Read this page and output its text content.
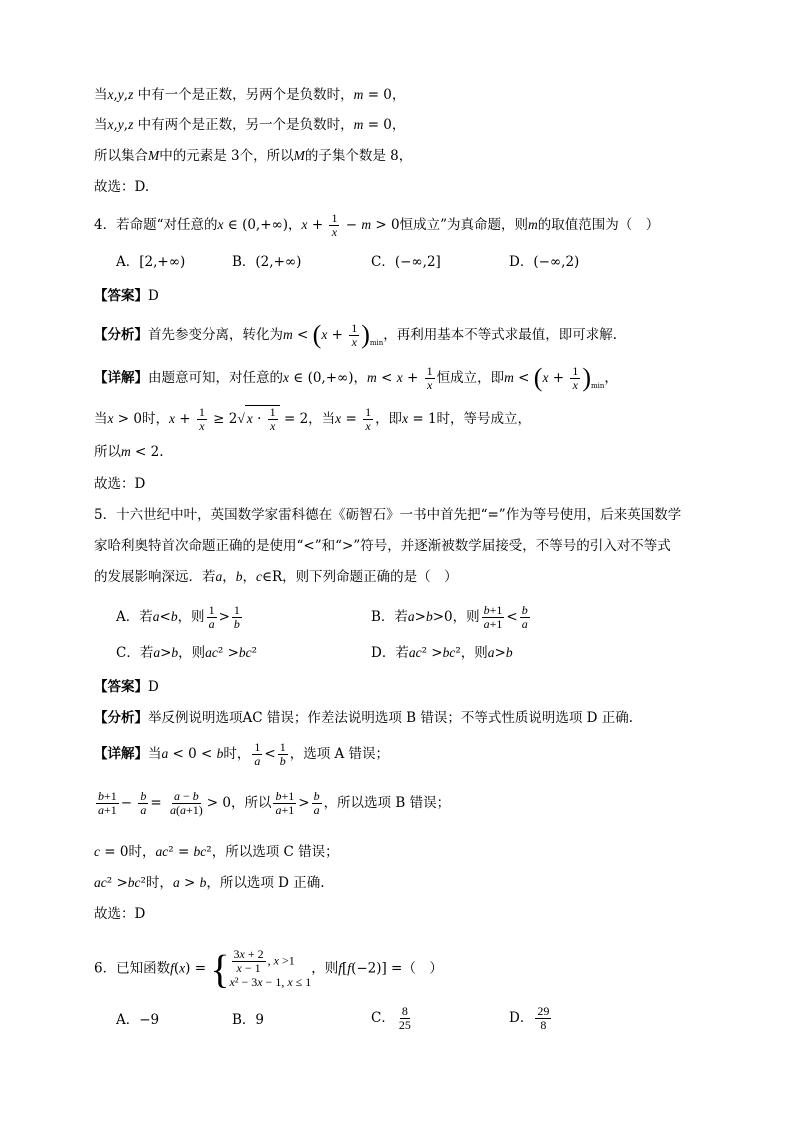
当x,y,z 中有一个是正数，另两个是负数时，m = 0，
当x,y,z 中有两个是正数，另一个是负数时，m = 0，
所以集合M中的元素是 3个，所以M的子集个数是 8，
故选：D.
4．若命题“对任意的x ∈ (0,+∞)，$x + \frac{1}{x} - m > 0$恒成立”为真命题，则m的取值范围为（　）
A．[2,+∞)	B．(2,+∞)	C．(−∞,2]	D．(−∞,2)
【答案】D
【分析】首先参变分离，转化为$m < (x + \frac{1}{x} )_{min}$，再利用基本不等式求最值，即可求解.
【详解】由题意可知，对任意的x ∈ (0,+∞)，$m < x + \frac{1}{x}$ 恒成立，即$m < (x + \frac{1}{x} )_{min}$，
当x > 0时，$x + \frac{1}{x} \ge 2√$ $x \cdot \frac{1}{x} = 2$，当$x = \frac{1}{x}$ ，即x = 1时，等号成立，
所以m < 2.
故选：D
5．十六世纪中叶，英国数学家雷科德在《砺智石》一书中首先把“=”作为等号使用，后来英国数学
家哈利奥特首次命题正确的是使用“<”和“>”符号，并逐渐被数学届接受，不等号的引入对不等式
的发展影响深远．若a，b，c∈R，则下列命题正确的是（　）
A．若a<b，则 $\frac{1}{a} > \frac{1}{b}$	B．若a>b>0，则 $\frac{b+1}{a+1} < \frac{b}{a}$
C．若a>b，则ac² >bc²	D．若ac² >bc²，则a>b
【答案】D
【分析】举反例说明选项AC 错误；作差法说明选项 B 错误；不等式性质说明选项 D 正确.
【详解】当a < 0 < b时， $\frac{1}{a} < \frac{1}{b}$ ，选项 A 错误；
$\frac{b+1}{a+1} - \frac{b}{a} = \frac{a - b}{a(a+1)} > 0$，所以 $\frac{b+1}{a+1} > \frac{b}{a}$ ，所以选项 B 错误；
c = 0时，ac² = bc²，所以选项 C 错误；
ac² >bc²时，a > b，所以选项 D 正确.
故选：D
6．已知函数f(x) = { $\frac{3x + 2}{x - 1}$ , x >1
x² − 3x − 1, x ≤ 1
，则f[f(−2)] =（　）
A．−9	B．9	C． $\frac{8}{25}$	D． $\frac{29}{8}$
